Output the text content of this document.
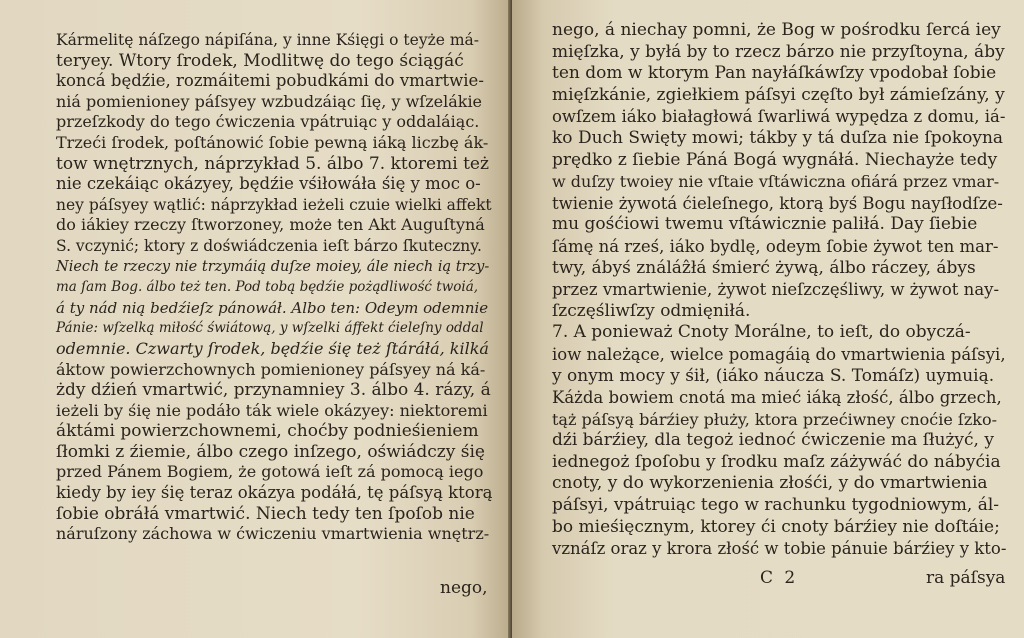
Kármelitę náſzego nápiſána, y inne Kśięgi o teyże má-
teryey. Wtory ſrodek, Modlitwę do tego ściągáć
koncá będźie, rozmáitemi pobudkámi do vmartwie-
niá pomienioney páſsyey wzbudzáiąc ſię, y wſzelákie
przeſzkody do tego ćwiczenia vpátruiąc y oddaláiąc.
Trzeći ſrodek, poſtánowić ſobie pewną iáką liczbę ák-
tow wnętrznych, náprzykład 5. álbo 7. ktoremi też
nie czekáiąc okázyey, będźie vśiłowáła śię y moc o-
ney páſsyey wątlić: náprzykład ieżeli czuie wielki affekt
do iákiey rzeczy ſtworzoney, może ten Akt Auguſtyná
S. vczynić; ktory z doświádczenia ieſt bárzo ſkuteczny.
Niech te rzeczy nie trzymáią duſze moiey, ále niech ią trzy-
ma ſam Bog. álbo też ten. Pod tobą będźie pożądliwość twoiá,
á ty nád nią bedźieſz pánowáł. Albo ten: Odeym odemnie
Pánie: wſzelką miłość świátową, y wſzelki áffekt ćieleſny oddal
odemnie. Czwarty ſrodek, będźie śię też ſtáráłá, kilká
áktow powierzchownych pomienioney páſsyey ná ká-
żdy dźień vmartwić, przynamniey 3. álbo 4. rázy, á
ieżeli by śię nie podáło ták wiele okázyey: niektoremi
áktámi powierzchownemi, choćby podnieśieniem
ſłomki z źiemie, álbo czego inſzego, oświádczy śię
przed Pánem Bogiem, że gotowá ieſt zá pomocą iego
kiedy by iey śię teraz okázya podáłá, tę páſsyą ktorą
ſobie obráłá vmartwić. Niech tedy ten ſpoſob nie
náruſzony záchowa w ćwiczeniu vmartwienia wnętrz-
nego,
nego, á niechay pomni, że Bog w pośrodku ſercá iey
mięſzka, y byłá by to rzecz bárzo nie przyſtoyna, áby
ten dom w ktorym Pan nayłáſkáwſzy vpodobał ſobie
mięſzkánie, zgiełkiem páſsyi częſto był zámieſzány, y
owſzem iáko białagłowá ſwarliwá wypędza z domu, iá-
ko Duch Swięty mowi; tákby y tá duſza nie ſpokoyna
prędko z ſiebie Páná Bogá wygnáłá. Niechayże tedy
w duſzy twoiey nie vſtaie vſtáwiczna ofiárá przez vmar-
twienie żywotá ćieleſnego, ktorą byś Bogu nayſłodſze-
mu gośćiowi twemu vſtáwicznie paliłá. Day ſiebie
ſámę ná rześ, iáko bydlę, odeym ſobie żywot ten mar-
twy, ábyś ználáẑłá śmierć żywą, álbo ráczey, ábys
przez vmartwienie, żywot nieſzczęśliwy, w żywot nay-
ſzczęśliwſzy odmięniłá.
7. A ponieważ Cnoty Morálne, to ieſt, do obyczá-
iow należące, wielce pomagáią do vmartwienia páſsyi,
y onym mocy y śił, (iáko náucza S. Tomáſz) uymuią.
Káżda bowiem cnotá ma mieć iáką złość, álbo grzech,
tąż páſsyą bárźiey płuży, ktora przećiwney cnoćie ſzko-
dźi bárźiey, dla tegoż iednoć ćwiczenie ma ſłużyć, y
iednegoż ſpoſobu y ſrodku maſz záżywáć do nábyćia
cnoty, y do wykorzenienia złośći, y do vmartwienia
páſsyi, vpátruiąc tego w rachunku tygodniowym, ál-
bo mieśięcznym, ktorey ći cnoty bárźiey nie doſtáie;
vznáſz oraz y krora złość w tobie pánuie bárźiey y kto-
C 2	ra páſsya
